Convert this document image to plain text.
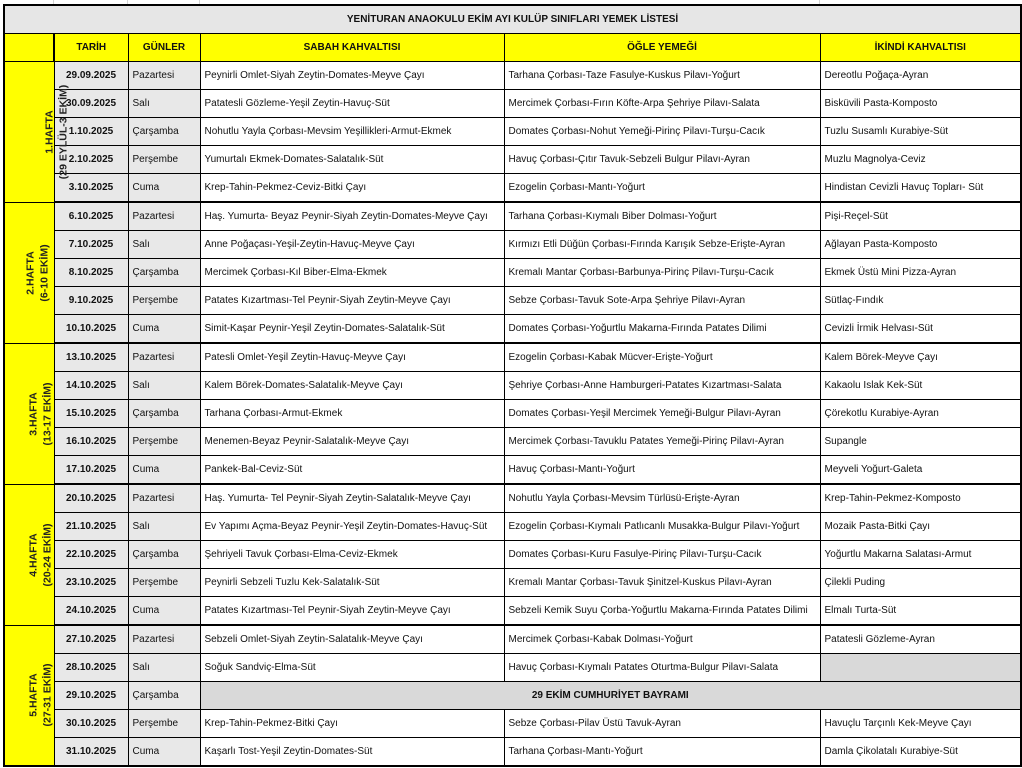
YENİTURAN ANAOKULU EKİM AYI KULÜP SINIFLARI YEMEK LİSTESİ					
	TARİH	GÜNLER	SABAH KAHVALTISI	ÖĞLE YEMEĞİ	İKİNDİ KAHVALTISI
1.HAFTA (29 EYLÜL-3 EKİM)	29.09.2025	Pazartesi	Peynirli Omlet-Siyah Zeytin-Domates-Meyve Çayı	Tarhana Çorbası-Taze Fasulye-Kuskus Pilavı-Yoğurt	Dereotlu Poğaça-Ayran
	30.09.2025	Salı	Patatesli Gözleme-Yeşil Zeytin-Havuç-Süt	Mercimek Çorbası-Fırın Köfte-Arpa Şehriye Pilavı-Salata	Bisküvili Pasta-Komposto
	1.10.2025	Çarşamba	Nohutlu Yayla Çorbası-Mevsim Yeşillikleri-Armut-Ekmek	Domates Çorbası-Nohut Yemeği-Pirinç Pilavı-Turşu-Cacık	Tuzlu Susamlı Kurabiye-Süt
	2.10.2025	Perşembe	Yumurtalı Ekmek-Domates-Salatalık-Süt	Havuç Çorbası-Çıtır Tavuk-Sebzeli Bulgur Pilavı-Ayran	Muzlu Magnolya-Ceviz
	3.10.2025	Cuma	Krep-Tahin-Pekmez-Ceviz-Bitki Çayı	Ezogelin Çorbası-Mantı-Yoğurt	Hindistan Cevizli Havuç Topları- Süt
2.HAFTA (6-10 EKİM)	6.10.2025	Pazartesi	Haş. Yumurta- Beyaz Peynir-Siyah Zeytin-Domates-Meyve Çayı	Tarhana Çorbası-Kıymalı Biber Dolması-Yoğurt	Pişi-Reçel-Süt
	7.10.2025	Salı	Anne Poğaçası-Yeşil-Zeytin-Havuç-Meyve Çayı	Kırmızı Etli Düğün Çorbası-Fırında Karışık Sebze-Erişte-Ayran	Ağlayan Pasta-Komposto
	8.10.2025	Çarşamba	Mercimek Çorbası-Kıl Biber-Elma-Ekmek	Kremalı Mantar Çorbası-Barbunya-Pirinç Pilavı-Turşu-Cacık	Ekmek Üstü Mini Pizza-Ayran
	9.10.2025	Perşembe	Patates Kızartması-Tel Peynir-Siyah Zeytin-Meyve Çayı	Sebze Çorbası-Tavuk Sote-Arpa Şehriye Pilavı-Ayran	Sütlaç-Fındık
	10.10.2025	Cuma	Simit-Kaşar Peynir-Yeşil Zeytin-Domates-Salatalık-Süt	Domates Çorbası-Yoğurtlu Makarna-Fırında Patates Dilimi	Cevizli İrmik Helvası-Süt
3.HAFTA (13-17 EKİM)	13.10.2025	Pazartesi	Patesli Omlet-Yeşil Zeytin-Havuç-Meyve Çayı	Ezogelin Çorbası-Kabak Mücver-Erişte-Yoğurt	Kalem Börek-Meyve Çayı
	14.10.2025	Salı	Kalem Börek-Domates-Salatalık-Meyve Çayı	Şehriye Çorbası-Anne Hamburgeri-Patates Kızartması-Salata	Kakaolu Islak Kek-Süt
	15.10.2025	Çarşamba	Tarhana Çorbası-Armut-Ekmek	Domates Çorbası-Yeşil Mercimek Yemeği-Bulgur Pilavı-Ayran	Çörekotlu Kurabiye-Ayran
	16.10.2025	Perşembe	Menemen-Beyaz Peynir-Salatalık-Meyve Çayı	Mercimek Çorbası-Tavuklu Patates Yemeği-Pirinç Pilavı-Ayran	Supangle
	17.10.2025	Cuma	Pankek-Bal-Ceviz-Süt	Havuç Çorbası-Mantı-Yoğurt	Meyveli Yoğurt-Galeta
4.HAFTA (20-24 EKİM)	20.10.2025	Pazartesi	Haş. Yumurta- Tel Peynir-Siyah Zeytin-Salatalık-Meyve Çayı	Nohutlu Yayla Çorbası-Mevsim Türlüsü-Erişte-Ayran	Krep-Tahin-Pekmez-Komposto
	21.10.2025	Salı	Ev Yapımı Açma-Beyaz Peynir-Yeşil Zeytin-Domates-Havuç-Süt	Ezogelin Çorbası-Kıymalı Patlıcanlı Musakka-Bulgur Pilavı-Yoğurt	Mozaik Pasta-Bitki Çayı
	22.10.2025	Çarşamba	Şehriyeli Tavuk Çorbası-Elma-Ceviz-Ekmek	Domates Çorbası-Kuru Fasulye-Pirinç Pilavı-Turşu-Cacık	Yoğurtlu Makarna Salatası-Armut
	23.10.2025	Perşembe	Peynirli Sebzeli Tuzlu Kek-Salatalık-Süt	Kremalı Mantar Çorbası-Tavuk Şinitzel-Kuskus Pilavı-Ayran	Çilekli Puding
	24.10.2025	Cuma	Patates Kızartması-Tel Peynir-Siyah Zeytin-Meyve Çayı	Sebzeli Kemik Suyu Çorba-Yoğurtlu Makarna-Fırında Patates Dilimi	Elmalı Turta-Süt
5.HAFTA (27-31 EKİM)	27.10.2025	Pazartesi	Sebzeli Omlet-Siyah Zeytin-Salatalık-Meyve Çayı	Mercimek Çorbası-Kabak Dolması-Yoğurt	Patatesli Gözleme-Ayran
	28.10.2025	Salı	Soğuk Sandviç-Elma-Süt	Havuç Çorbası-Kıymalı Patates Oturtma-Bulgur Pilavı-Salata	
	29.10.2025	Çarşamba	29 EKİM CUMHURİYET BAYRAMI		
	30.10.2025	Perşembe	Krep-Tahin-Pekmez-Bitki Çayı	Sebze Çorbası-Pilav Üstü Tavuk-Ayran	Havuçlu Tarçınlı Kek-Meyve Çayı
	31.10.2025	Cuma	Kaşarlı Tost-Yeşil Zeytin-Domates-Süt	Tarhana Çorbası-Mantı-Yoğurt	Damla Çikolatalı Kurabiye-Süt
